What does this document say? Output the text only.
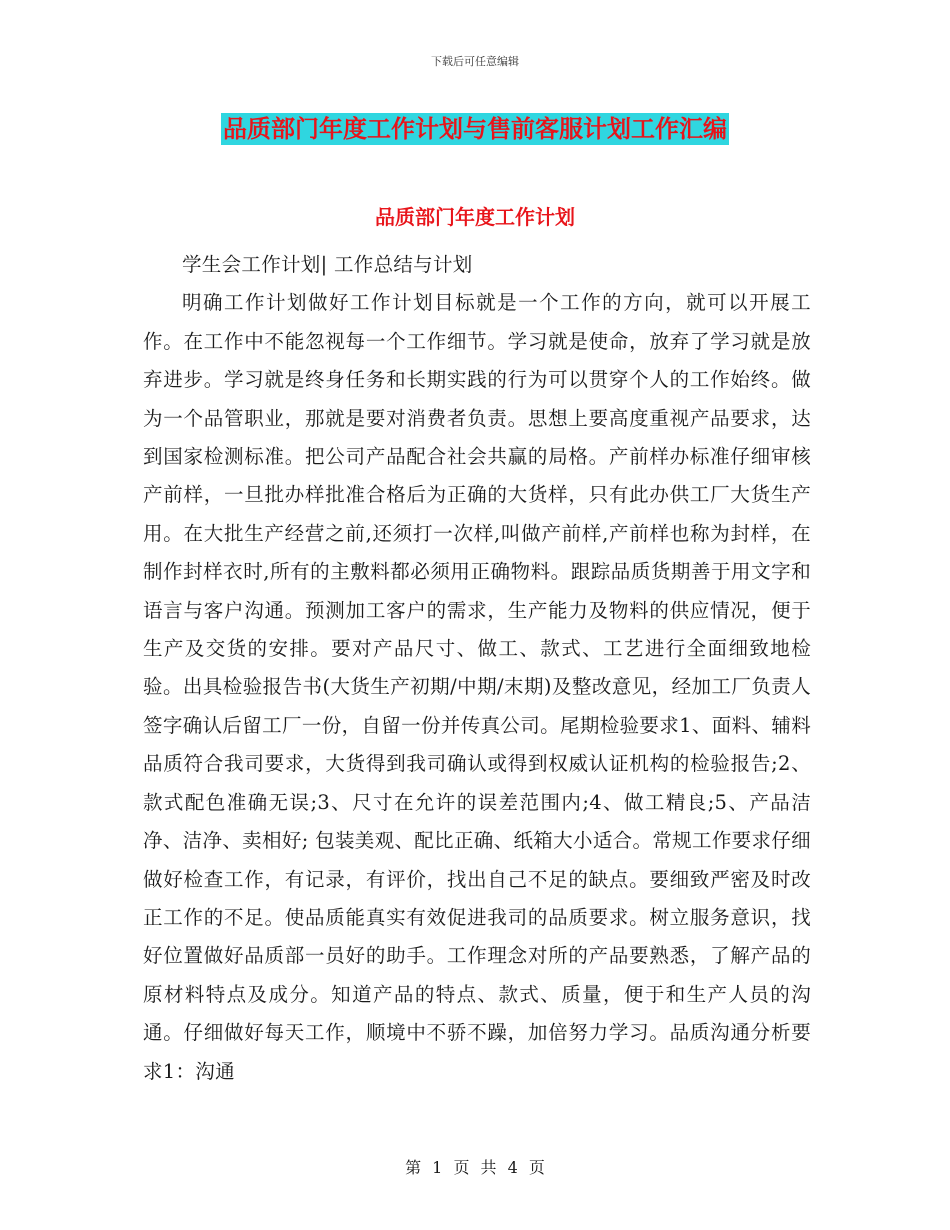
下载后可任意编辑
品质部门年度工作计划与售前客服计划工作汇编
品质部门年度工作计划

学生会工作计划| 工作总结与计划

明确工作计划做好工作计划目标就是一个工作的方向，就可以开展工作。在工作中不能忽视每一个工作细节。学习就是使命，放弃了学习就是放弃进步。学习就是终身任务和长期实践的行为可以贯穿个人的工作始终。做为一个品管职业，那就是要对消费者负责。思想上要高度重视产品要求，达到国家检测标准。把公司产品配合社会共赢的局格。产前样办标准仔细审核产前样，一旦批办样批准合格后为正确的大货样，只有此办供工厂大货生产用。在大批生产经营之前,还须打一次样,叫做产前样,产前样也称为封样，在制作封样衣时,所有的主敷料都必须用正确物料。跟踪品质货期善于用文字和语言与客户沟通。预测加工客户的需求，生产能力及物料的供应情况，便于生产及交货的安排。要对产品尺寸、做工、款式、工艺进行全面细致地检验。出具检验报告书(大货生产初期/中期/末期)及整改意见，经加工厂负责人签字确认后留工厂一份，自留一份并传真公司。尾期检验要求1、面料、辅料品质符合我司要求，大货得到我司确认或得到权威认证机构的检验报告;2、款式配色准确无误;3、尺寸在允许的误差范围内;4、做工精良;5、产品洁净、洁净、卖相好; 包装美观、配比正确、纸箱大小适合。常规工作要求仔细做好检查工作，有记录，有评价，找出自己不足的缺点。要细致严密及时改正工作的不足。使品质能真实有效促进我司的品质要求。树立服务意识，找好位置做好品质部一员好的助手。工作理念对所的产品要熟悉，了解产品的原材料特点及成分。知道产品的特点、款式、质量，便于和生产人员的沟通。仔细做好每天工作，顺境中不骄不躁，加倍努力学习。品质沟通分析要求1：沟通

第 1 页 共 4 页
